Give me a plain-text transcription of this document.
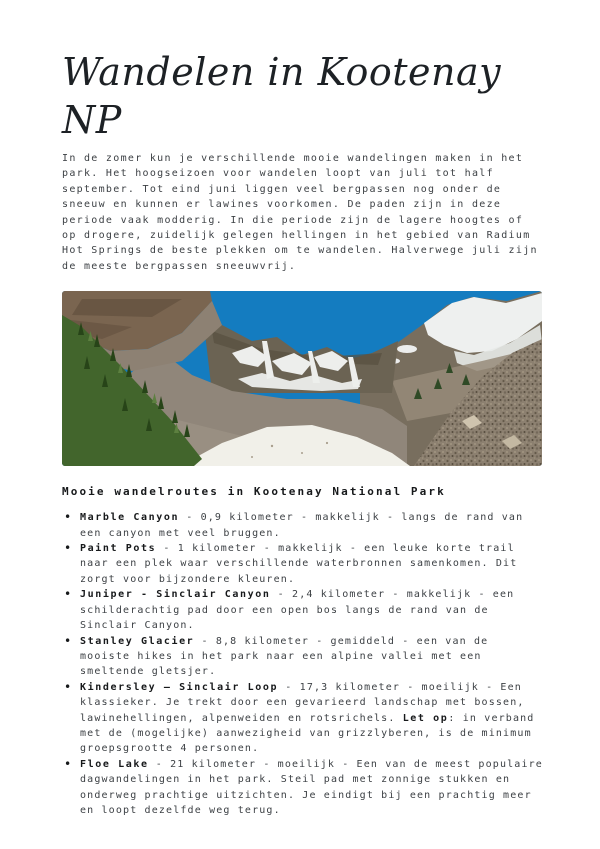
Wandelen in Kootenay NP

In de zomer kun je verschillende mooie wandelingen maken in het park. Het hoogseizoen voor wandelen loopt van juli tot half september. Tot eind juni liggen veel bergpassen nog onder de sneeuw en kunnen er lawines voorkomen. De paden zijn in deze periode vaak modderig. In die periode zijn de lagere hoogtes of op drogere, zuidelijk gelegen hellingen in het gebied van Radium Hot Springs de beste plekken om te wandelen. Halverwege juli zijn de meeste bergpassen sneeuwvrij.

Mooie wandelroutes in Kootenay National Park
• Marble Canyon - 0,9 kilometer - makkelijk - langs de rand van een canyon met veel bruggen.
• Paint Pots - 1 kilometer - makkelijk - een leuke korte trail naar een plek waar verschillende waterbronnen samenkomen. Dit zorgt voor bijzondere kleuren.
• Juniper - Sinclair Canyon - 2,4 kilometer - makkelijk - een schilderachtig pad door een open bos langs de rand van de Sinclair Canyon.
• Stanley Glacier - 8,8 kilometer - gemiddeld - een van de mooiste hikes in het park naar een alpine vallei met een smeltende gletsjer.
• Kindersley – Sinclair Loop - 17,3 kilometer - moeilijk - Een klassieker. Je trekt door een gevarieerd landschap met bossen, lawinehellingen, alpenweiden en rotsrichels. Let op: in verband met de (mogelijke) aanwezigheid van grizzlyberen, is de minimum groepsgrootte 4 personen.
• Floe Lake - 21 kilometer - moeilijk - Een van de meest populaire dagwandelingen in het park. Steil pad met zonnige stukken en onderweg prachtige uitzichten. Je eindigt bij een prachtig meer en loopt dezelfde weg terug.
